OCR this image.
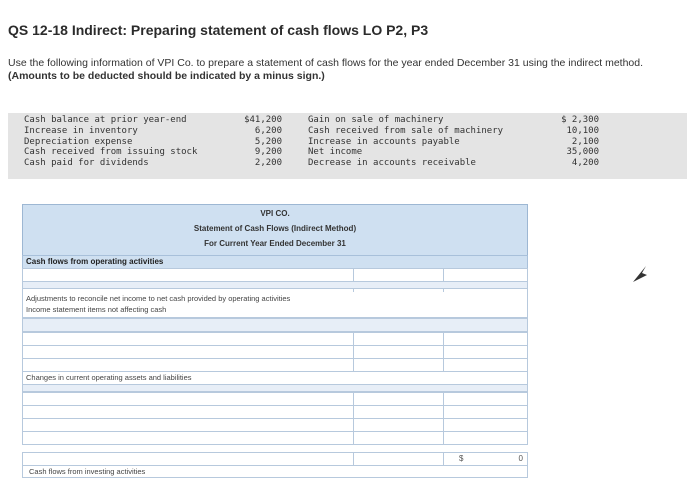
QS 12-18 Indirect: Preparing statement of cash flows LO P2, P3
Use the following information of VPI Co. to prepare a statement of cash flows for the year ended December 31 using the indirect method. (Amounts to be deducted should be indicated by a minus sign.)
Cash balance at prior year-end
Increase in inventory
Depreciation expense
Cash received from issuing stock
Cash paid for dividends
$41,200
6,200
5,200
9,200
2,200
Gain on sale of machinery
Cash received from sale of machinery
Increase in accounts payable
Net income
Decrease in accounts receivable
$ 2,300
10,100
2,100
35,000
4,200
VPI CO.
Statement of Cash Flows (Indirect Method)
For Current Year Ended December 31
Cash flows from operating activities
Adjustments to reconcile net income to net cash provided by operating activities
Income statement items not affecting cash
Changes in current operating assets and liabilities
$	0
Cash flows from investing activities
